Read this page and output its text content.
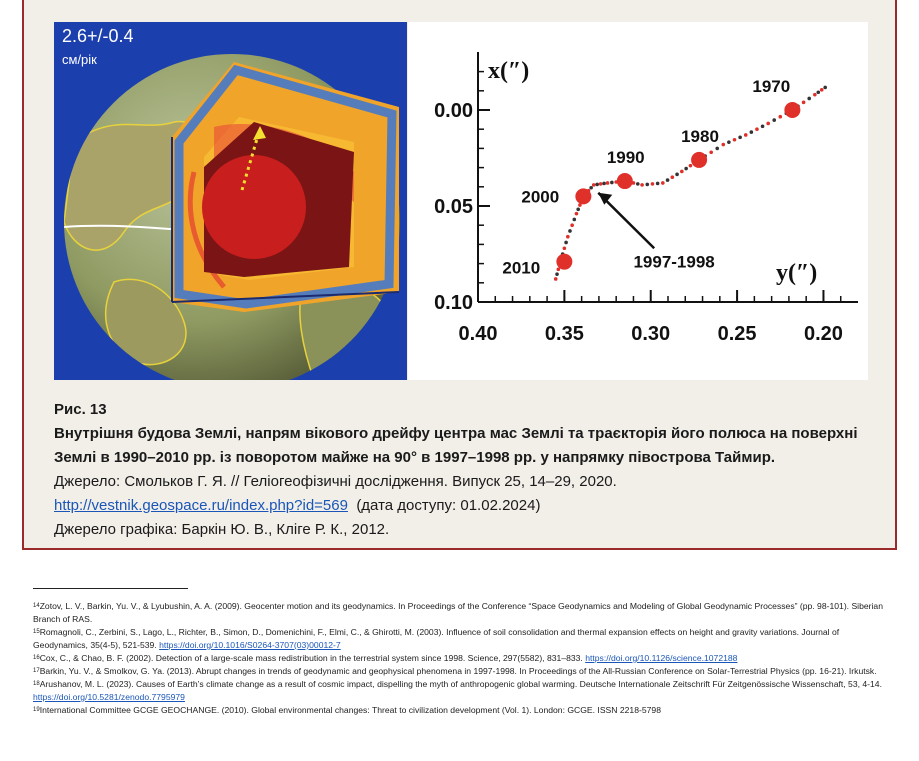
2.6+/-0.4
см/рік
0.40 0.35 0.30 0.25 0.20
0.00
0.05
0.10
x(″)
y(″)
1997-1998
1970
1980
1990
2000
2010
Рис. 13
Внутрішня будова Землі, напрям вікового дрейфу центра мас Землі та траєкторія його полюса на поверхні Землі в 1990–2010 рр. із поворотом майже на 90° в 1997–1998 рр. у напрямку півострова Таймир.
Джерело: Смольков Г. Я. // Геліогеофізичні дослідження. Випуск 25, 14–29, 2020.
http://vestnik.geospace.ru/index.php?id=569 (дата доступу: 01.02.2024)
Джерело графіка: Баркін Ю. В., Кліге Р. К., 2012.

$^{14}$Zotov, L. V., Barkin, Yu. V., & Lyubushin, A. A. (2009). Geocenter motion and its geodynamics. In Proceedings of the Conference “Space Geodynamics and Modeling of Global Geodynamic Processes” (pp. 98-101). Siberian Branch of RAS.

$^{15}$Romagnoli, C., Zerbini, S., Lago, L., Richter, B., Simon, D., Domenichini, F., Elmi, C., & Ghirotti, M. (2003). Influence of soil consolidation and thermal expansion effects on height and gravity variations. Journal of Geodynamics, 35(4-5), 521-539. https://doi.org/10.1016/S0264-3707(03)00012-7

$^{16}$Cox, C., & Chao, B. F. (2002). Detection of a large-scale mass redistribution in the terrestrial system since 1998. Science, 297(5582), 831–833. https://doi.org/10.1126/science.1072188

$^{17}$Barkin, Yu. V., & Smolkov, G. Ya. (2013). Abrupt changes in trends of geodynamic and geophysical phenomena in 1997-1998. In Proceedings of the All-Russian Conference on Solar-Terrestrial Physics (pp. 16-21). Irkutsk.

$^{18}$Arushanov, M. L. (2023). Causes of Earth’s climate change as a result of cosmic impact, dispelling the myth of anthropogenic global warming. Deutsche Internationale Zeitschrift Für Zeitgenössische Wissenschaft, 53, 4-14. https://doi.org/10.5281/zenodo.7795979

$^{19}$International Committee GCGE GEOCHANGE. (2010). Global environmental changes: Threat to civilization development (Vol. 1). London: GCGE. ISSN 2218-5798
